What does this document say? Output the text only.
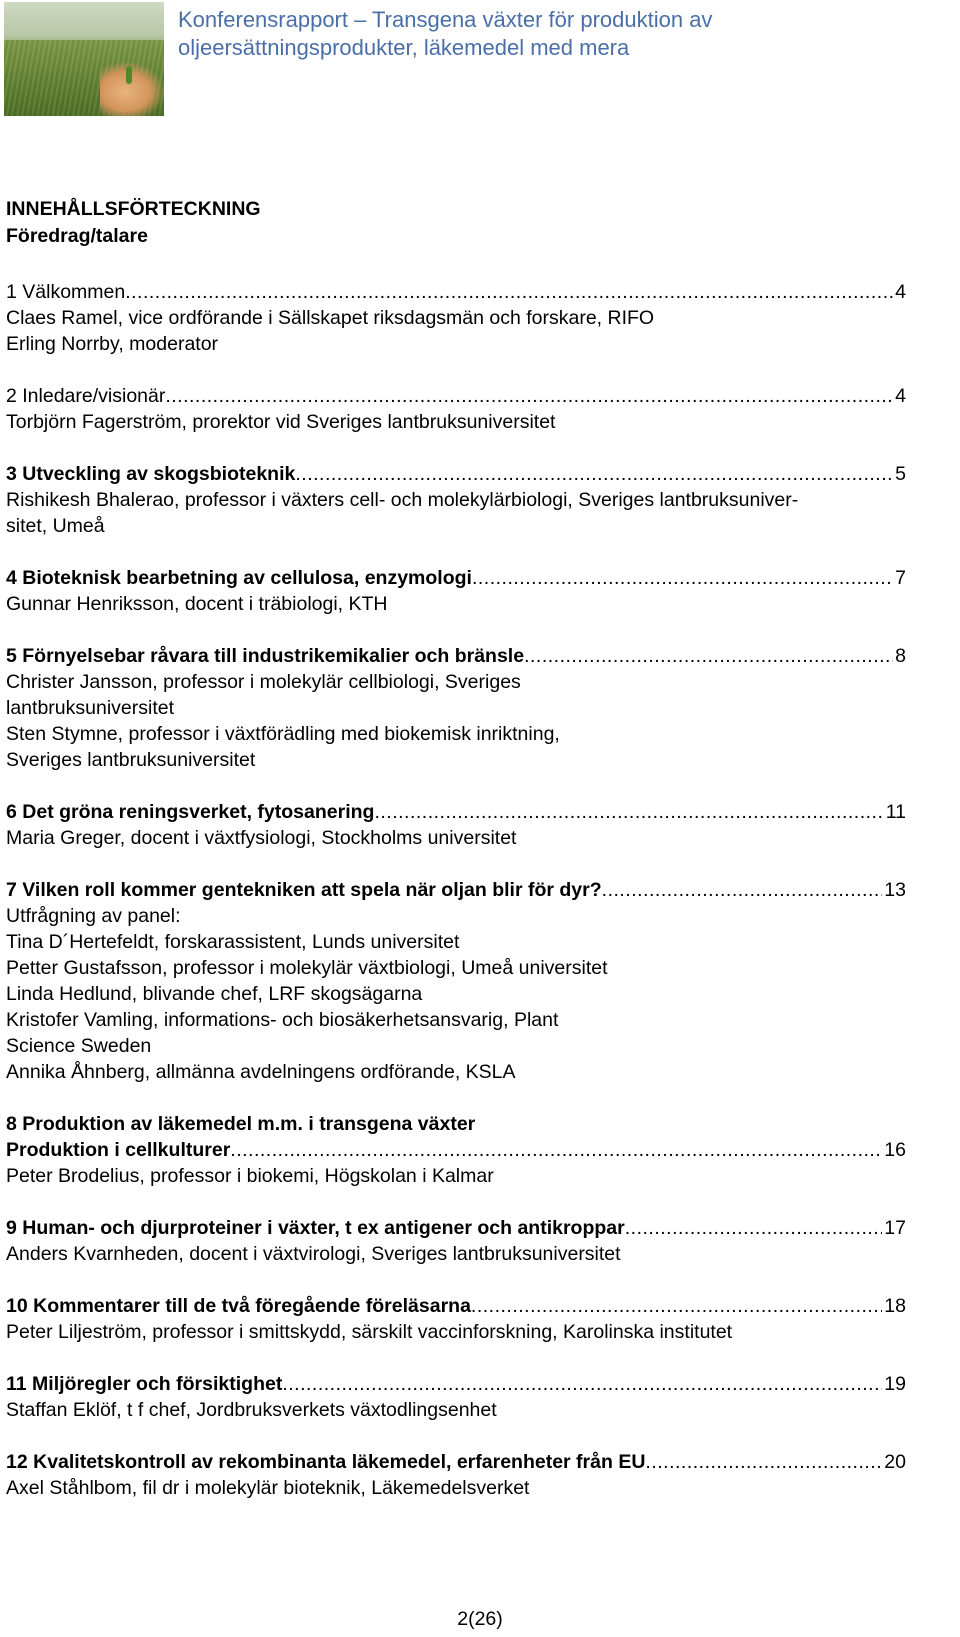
Konferensrapport – Transgena växter för produktion av
oljeersättningsprodukter, läkemedel med mera
INNEHÅLLSFÖRTECKNING
Föredrag/talare
1 Välkommen .....	4
Claes Ramel, vice ordförande i Sällskapet riksdagsmän och forskare, RIFO
Erling Norrby, moderator
2 Inledare/visionär .....	4
Torbjörn Fagerström, prorektor vid Sveriges lantbruksuniversitet
3 Utveckling av skogsbioteknik .....	5
Rishikesh Bhalerao, professor i växters cell- och molekylärbiologi, Sveriges lantbruksuniver-
sitet, Umeå
4 Bioteknisk bearbetning av cellulosa, enzymologi .....	7
Gunnar Henriksson, docent i träbiologi, KTH
5 Förnyelsebar råvara till industrikemikalier och bränsle .....	8
Christer Jansson, professor i molekylär cellbiologi, Sveriges
lantbruksuniversitet
Sten Stymne, professor i växtförädling med biokemisk inriktning,
Sveriges lantbruksuniversitet
6 Det gröna reningsverket, fytosanering .....	11
Maria Greger, docent i växtfysiologi, Stockholms universitet
7 Vilken roll kommer gentekniken att spela när oljan blir för dyr? .....	13
Utfrågning av panel:
Tina D´Hertefeldt, forskarassistent, Lunds universitet
Petter Gustafsson, professor i molekylär växtbiologi, Umeå universitet
Linda Hedlund, blivande chef, LRF skogsägarna
Kristofer Vamling, informations- och biosäkerhetsansvarig, Plant
Science Sweden
Annika Åhnberg, allmänna avdelningens ordförande, KSLA
8 Produktion av läkemedel m.m. i transgena växter
Produktion i cellkulturer .....	16
Peter Brodelius, professor i biokemi, Högskolan i Kalmar
9 Human- och djurproteiner i växter, t ex antigener och antikroppar .....	17
Anders Kvarnheden, docent i växtvirologi, Sveriges lantbruksuniversitet
10 Kommentarer till de två föregående föreläsarna .....	18
Peter Liljeström, professor i smittskydd, särskilt vaccinforskning, Karolinska institutet
11 Miljöregler och försiktighet .....	19
Staffan Eklöf, t f chef, Jordbruksverkets växtodlingsenhet
12 Kvalitetskontroll av rekombinanta läkemedel, erfarenheter från EU .....	20
Axel Ståhlbom, fil dr i molekylär bioteknik, Läkemedelsverket
2(26)
